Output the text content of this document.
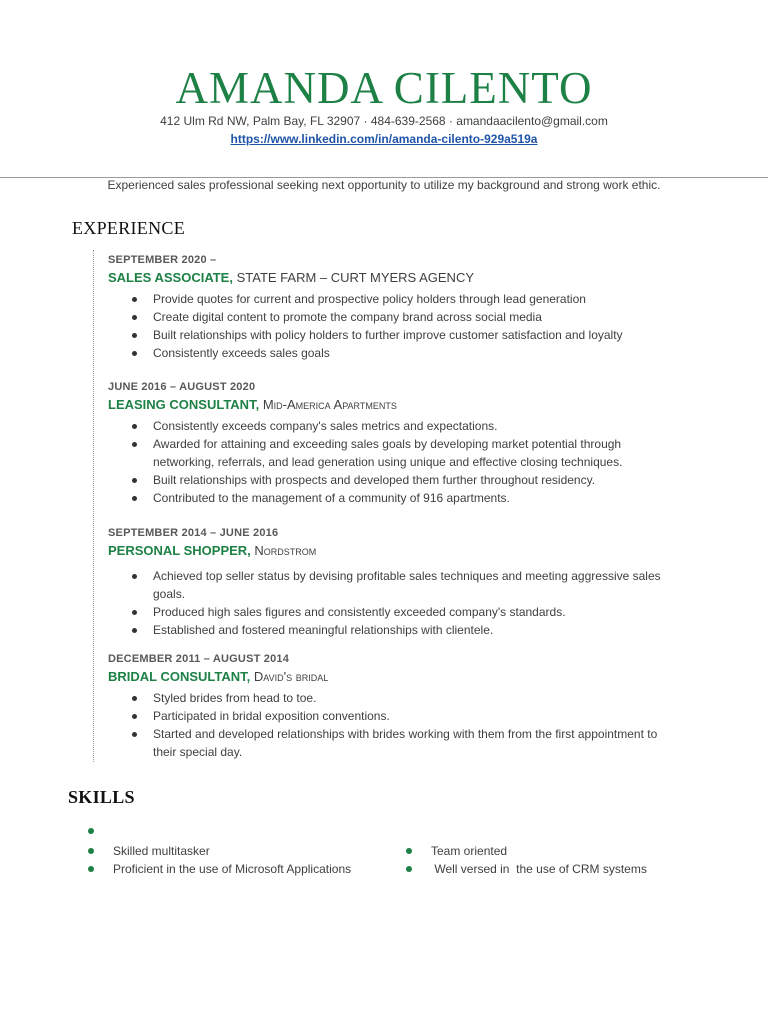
AMANDA CILENTO
412 Ulm Rd NW, Palm Bay, FL 32907 · 484-639-2568 · amandaacilento@gmail.com
https://www.linkedin.com/in/amanda-cilento-929a519a
Experienced sales professional seeking next opportunity to utilize my background and strong work ethic.
EXPERIENCE
SEPTEMBER 2020 –
SALES ASSOCIATE, STATE FARM – CURT MYERS AGENCY
Provide quotes for current and prospective policy holders through lead generation
Create digital content to promote the company brand across social media
Built relationships with policy holders to further improve customer satisfaction and loyalty
Consistently exceeds sales goals
JUNE 2016 – AUGUST 2020
LEASING CONSULTANT, Mid-America Apartments
Consistently exceeds company's sales metrics and expectations.
Awarded for attaining and exceeding sales goals by developing market potential through networking, referrals, and lead generation using unique and effective closing techniques.
Built relationships with prospects and developed them further throughout residency.
Contributed to the management of a community of 916 apartments.
SEPTEMBER 2014 – JUNE 2016
PERSONAL SHOPPER, Nordstrom
Achieved top seller status by devising profitable sales techniques and meeting aggressive sales goals.
Produced high sales figures and consistently exceeded company's standards.
Established and fostered meaningful relationships with clientele.
DECEMBER 2011 – AUGUST 2014
BRIDAL CONSULTANT, David's bridal
Styled brides from head to toe.
Participated in bridal exposition conventions.
Started and developed relationships with brides working with them from the first appointment to their special day.
SKILLS
Skilled multitasker
Proficient in the use of Microsoft Applications
Team oriented
Well versed in  the use of CRM systems
